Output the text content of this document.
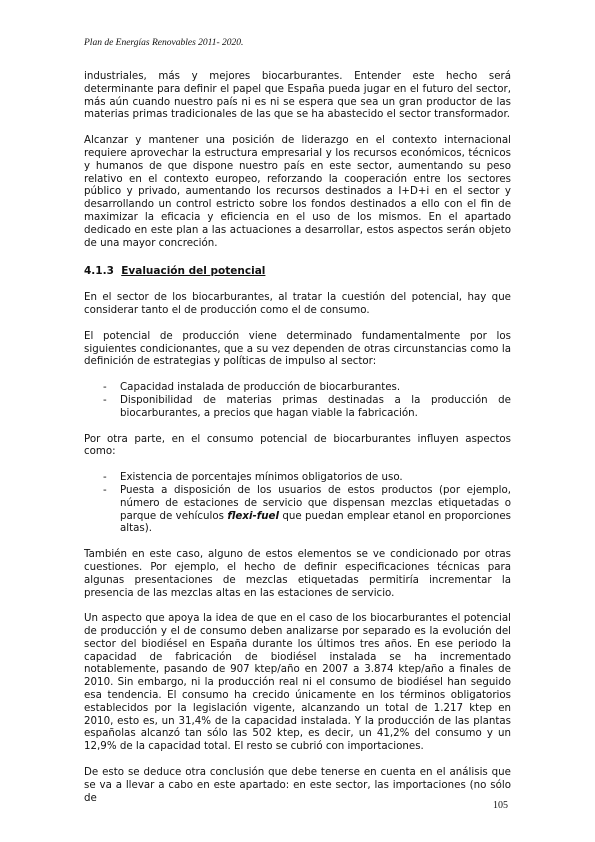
Plan de Energías Renovables 2011- 2020.

industriales, más y mejores biocarburantes. Entender este hecho será determinante para definir el papel que España pueda jugar en el futuro del sector, más aún cuando nuestro país ni es ni se espera que sea un gran productor de las materias primas tradicionales de las que se ha abastecido el sector transformador.

Alcanzar y mantener una posición de liderazgo en el contexto internacional requiere aprovechar la estructura empresarial y los recursos económicos, técnicos y humanos de que dispone nuestro país en este sector, aumentando su peso relativo en el contexto europeo, reforzando la cooperación entre los sectores público y privado, aumentando los recursos destinados a I+D+i en el sector y desarrollando un control estricto sobre los fondos destinados a ello con el fin de maximizar la eficacia y eficiencia en el uso de los mismos. En el apartado dedicado en este plan a las actuaciones a desarrollar, estos aspectos serán objeto de una mayor concreción.

4.1.3 Evaluación del potencial

En el sector de los biocarburantes, al tratar la cuestión del potencial, hay que considerar tanto el de producción como el de consumo.

El potencial de producción viene determinado fundamentalmente por los siguientes condicionantes, que a su vez dependen de otras circunstancias como la definición de estrategias y políticas de impulso al sector:

- Capacidad instalada de producción de biocarburantes.
- Disponibilidad de materias primas destinadas a la producción de biocarburantes, a precios que hagan viable la fabricación.

Por otra parte, en el consumo potencial de biocarburantes influyen aspectos como:

- Existencia de porcentajes mínimos obligatorios de uso.
- Puesta a disposición de los usuarios de estos productos (por ejemplo, número de estaciones de servicio que dispensan mezclas etiquetadas o parque de vehículos flexi-fuel que puedan emplear etanol en proporciones altas).

También en este caso, alguno de estos elementos se ve condicionado por otras cuestiones. Por ejemplo, el hecho de definir especificaciones técnicas para algunas presentaciones de mezclas etiquetadas permitiría incrementar la presencia de las mezclas altas en las estaciones de servicio.

Un aspecto que apoya la idea de que en el caso de los biocarburantes el potencial de producción y el de consumo deben analizarse por separado es la evolución del sector del biodiésel en España durante los últimos tres años. En ese periodo la capacidad de fabricación de biodiésel instalada se ha incrementado notablemente, pasando de 907 ktep/año en 2007 a 3.874 ktep/año a finales de 2010. Sin embargo, ni la producción real ni el consumo de biodiésel han seguido esa tendencia. El consumo ha crecido únicamente en los términos obligatorios establecidos por la legislación vigente, alcanzando un total de 1.217 ktep en 2010, esto es, un 31,4% de la capacidad instalada. Y la producción de las plantas españolas alcanzó tan sólo las 502 ktep, es decir, un 41,2% del consumo y un 12,9% de la capacidad total. El resto se cubrió con importaciones.

De esto se deduce otra conclusión que debe tenerse en cuenta en el análisis que se va a llevar a cabo en este apartado: en este sector, las importaciones (no sólo de

105
